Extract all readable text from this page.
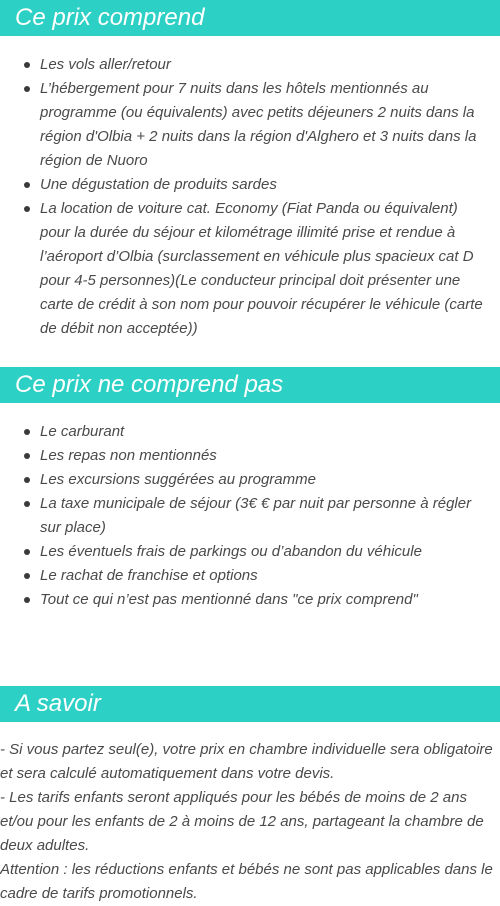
Ce prix comprend
Les vols aller/retour
L’hébergement pour 7 nuits dans les hôtels mentionnés au programme (ou équivalents) avec petits déjeuners 2 nuits dans la région d'Olbia + 2 nuits dans la région d'Alghero et 3 nuits dans la région de Nuoro
Une dégustation de produits sardes
La location de voiture cat. Economy (Fiat Panda ou équivalent) pour la durée du séjour et kilométrage illimité prise et rendue à l’aéroport d’Olbia (surclassement en véhicule plus spacieux cat D pour 4-5 personnes)(Le conducteur principal doit présenter une carte de crédit à son nom pour pouvoir récupérer le véhicule (carte de débit non acceptée))
Ce prix ne comprend pas
Le carburant
Les repas non mentionnés
Les excursions suggérées au programme
La taxe municipale de séjour (3€ € par nuit par personne à régler sur place)
Les éventuels frais de parkings ou d’abandon du véhicule
Le rachat de franchise et options
Tout ce qui n’est pas mentionné dans "ce prix comprend"
A savoir

- Si vous partez seul(e), votre prix en chambre individuelle sera obligatoire et sera calculé automatiquement dans votre devis.

- Les tarifs enfants seront appliqués pour les bébés de moins de 2 ans et/ou pour les enfants de 2 à moins de 12 ans, partageant la chambre de deux adultes.

Attention : les réductions enfants et bébés ne sont pas applicables dans le cadre de tarifs promotionnels.
